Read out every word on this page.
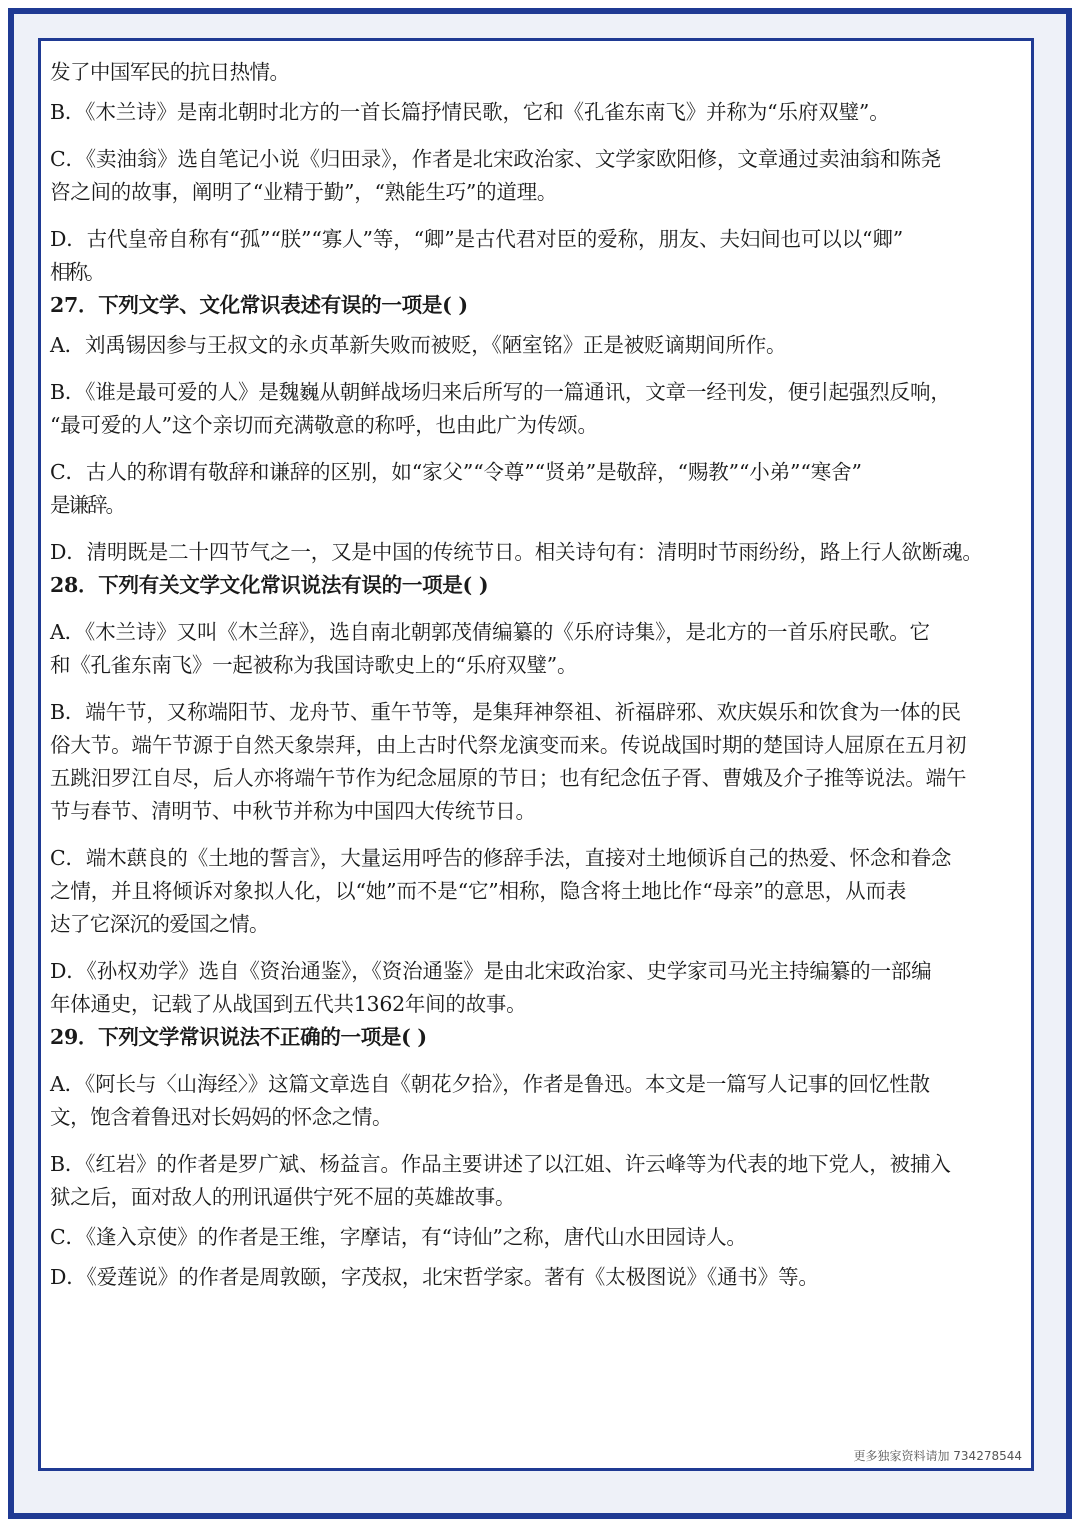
发了中国军民的抗日热情。

B．《木兰诗》是南北朝时北方的一首长篇抒情民歌，它和《孔雀东南飞》并称为“乐府双璧”。

C．《卖油翁》选自笔记小说《归田录》，作者是北宋政治家、文学家欧阳修，文章通过卖油翁和陈尧

咨之间的故事，阐明了“业精于勤”，“熟能生巧”的道理。

D．古代皇帝自称有“孤”“朕”“寡人”等，“卿”是古代君对臣的爱称，朋友、夫妇间也可以以“卿”

相称。

27．下列文学、文化常识表述有误的一项是( )

A．刘禹锡因参与王叔文的永贞革新失败而被贬，《陋室铭》正是被贬谪期间所作。

B．《谁是最可爱的人》是魏巍从朝鲜战场归来后所写的一篇通讯，文章一经刊发，便引起强烈反响，

“最可爱的人”这个亲切而充满敬意的称呼，也由此广为传颂。

C．古人的称谓有敬辞和谦辞的区别，如“家父”“令尊”“贤弟”是敬辞，“赐教”“小弟”“寒舍”

是谦辞。

D．清明既是二十四节气之一，又是中国的传统节日。相关诗句有：清明时节雨纷纷，路上行人欲断魂。

28．下列有关文学文化常识说法有误的一项是( )

A．《木兰诗》又叫《木兰辞》，选自南北朝郭茂倩编纂的《乐府诗集》，是北方的一首乐府民歌。它

和《孔雀东南飞》一起被称为我国诗歌史上的“乐府双璧”。

B．端午节，又称端阳节、龙舟节、重午节等，是集拜神祭祖、祈福辟邪、欢庆娱乐和饮食为一体的民

俗大节。端午节源于自然天象崇拜，由上古时代祭龙演变而来。传说战国时期的楚国诗人屈原在五月初

五跳汨罗江自尽，后人亦将端午节作为纪念屈原的节日；也有纪念伍子胥、曹娥及介子推等说法。端午

节与春节、清明节、中秋节并称为中国四大传统节日。

C．端木蕻良的《土地的誓言》，大量运用呼告的修辞手法，直接对土地倾诉自己的热爱、怀念和眷念

之情，并且将倾诉对象拟人化，以“她”而不是“它”相称，隐含将土地比作“母亲”的意思，从而表

达了它深沉的爱国之情。

D．《孙权劝学》选自《资治通鉴》，《资治通鉴》是由北宋政治家、史学家司马光主持编纂的一部编

年体通史，记载了从战国到五代共1362年间的故事。

29．下列文学常识说法不正确的一项是( )

A．《阿长与〈山海经〉》这篇文章选自《朝花夕拾》，作者是鲁迅。本文是一篇写人记事的回忆性散

文，饱含着鲁迅对长妈妈的怀念之情。

B．《红岩》的作者是罗广斌、杨益言。作品主要讲述了以江姐、许云峰等为代表的地下党人，被捕入

狱之后，面对敌人的刑讯逼供宁死不屈的英雄故事。

C．《逢入京使》的作者是王维，字摩诘，有“诗仙”之称，唐代山水田园诗人。

D．《爱莲说》的作者是周敦颐，字茂叔，北宋哲学家。著有《太极图说》《通书》等。

更多独家资料请加 734278544
